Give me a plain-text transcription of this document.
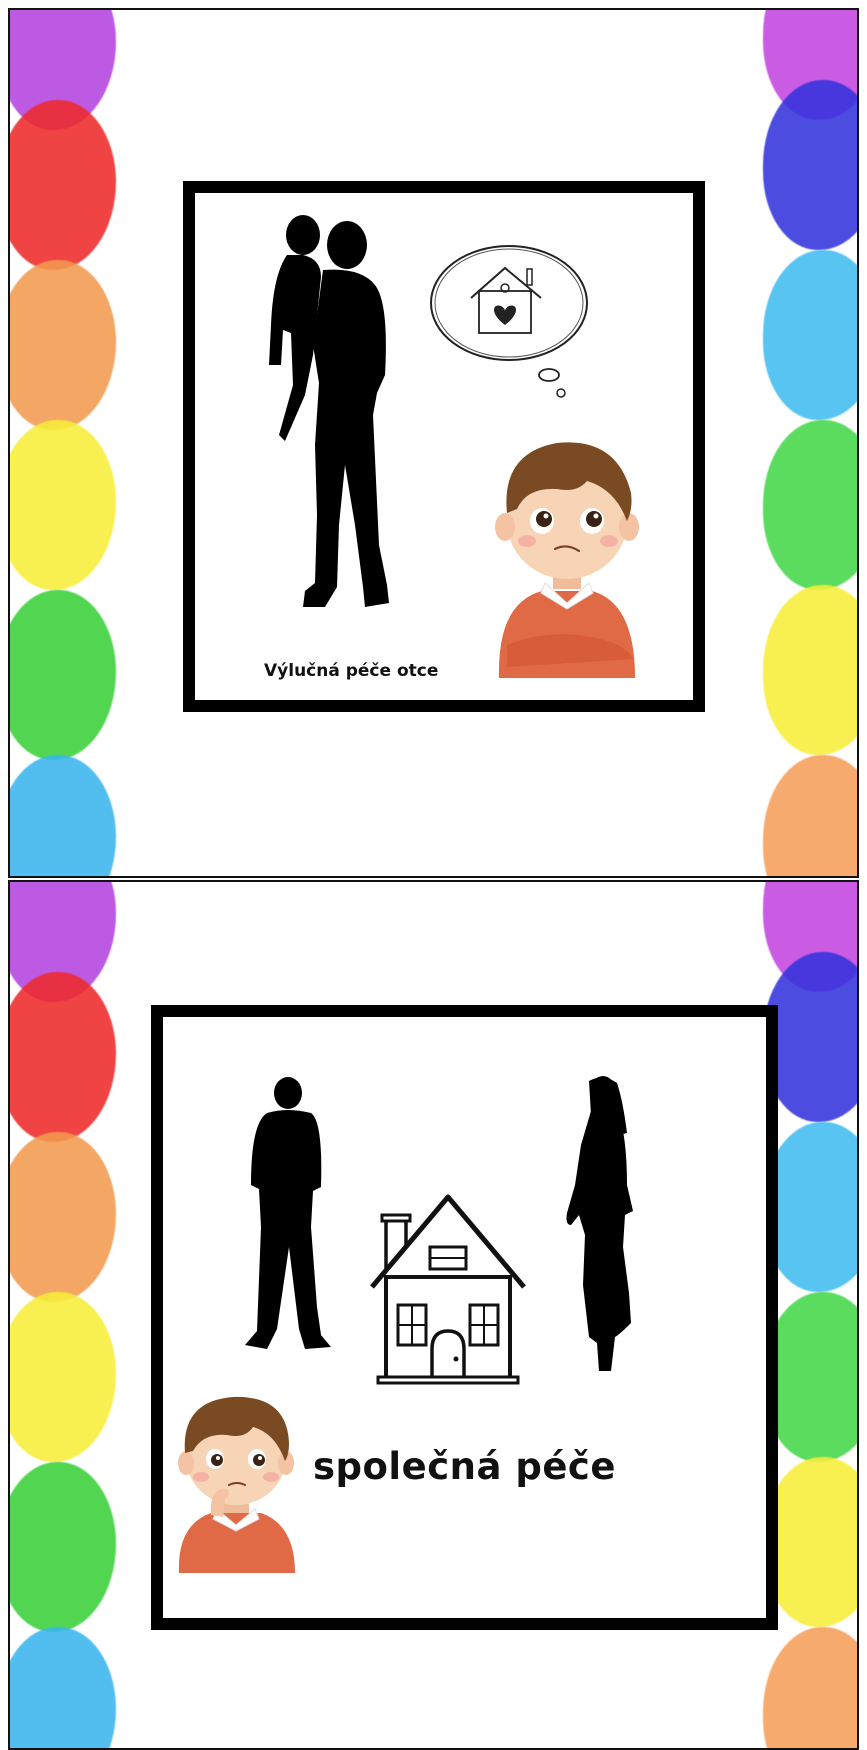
Výlučná péče otce
společná péče
